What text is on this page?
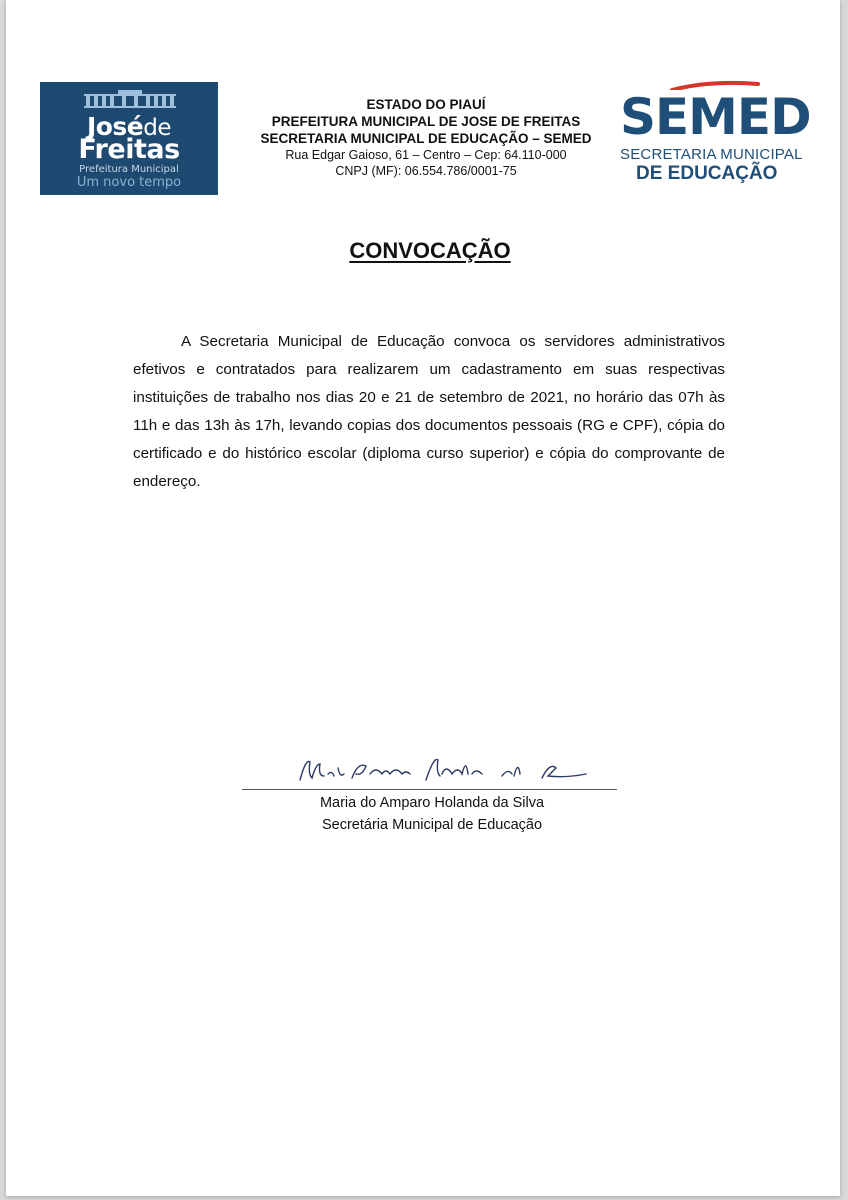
Joséde
Freitas
Prefeitura Municipal
Um novo tempo
ESTADO DO PIAUÍ
PREFEITURA MUNICIPAL DE JOSE DE FREITAS
SECRETARIA MUNICIPAL DE EDUCAÇÃO – SEMED
Rua Edgar Gaioso, 61 – Centro – Cep: 64.110-000
CNPJ (MF): 06.554.786/0001-75
SEMED
SECRETARIA MUNICIPAL
DE EDUCAÇÃO
CONVOCAÇÃO
A Secretaria Municipal de Educação convoca os servidores administrativos efetivos e contratados para realizarem um cadastramento em suas respectivas instituições de trabalho nos dias 20 e 21 de setembro de 2021, no horário das 07h às 11h e das 13h às 17h, levando copias dos documentos pessoais (RG e CPF), cópia do certificado e do histórico escolar (diploma curso superior) e cópia do comprovante de endereço.
Maria do Amparo Holanda da Silva
Secretária Municipal de Educação
